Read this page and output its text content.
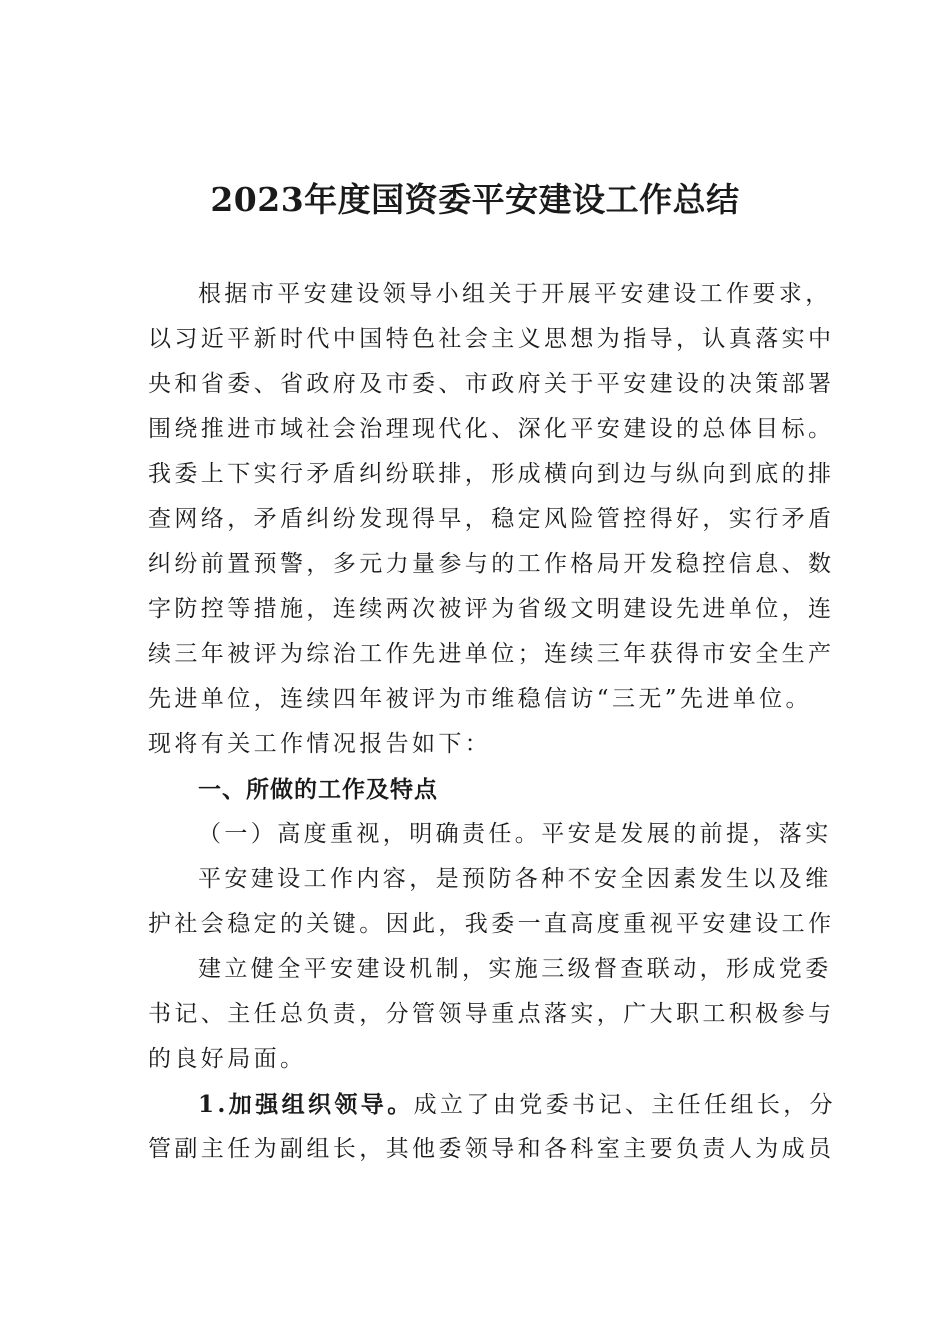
2023年度国资委平安建设工作总结
根据市平安建设领导小组关于开展平安建设工作要求，
以习近平新时代中国特色社会主义思想为指导，认真落实中
央和省委、省政府及市委、市政府关于平安建设的决策部署
围绕推进市域社会治理现代化、深化平安建设的总体目标。
我委上下实行矛盾纠纷联排，形成横向到边与纵向到底的排
查网络，矛盾纠纷发现得早，稳定风险管控得好，实行矛盾
纠纷前置预警，多元力量参与的工作格局开发稳控信息、数
字防控等措施，连续两次被评为省级文明建设先进单位，连
续三年被评为综治工作先进单位；连续三年获得市安全生产
先进单位，连续四年被评为市维稳信访“三无”先进单位。
现将有关工作情况报告如下：
一、所做的工作及特点
（一）高度重视，明确责任。平安是发展的前提，落实
平安建设工作内容，是预防各种不安全因素发生以及维
护社会稳定的关键。因此，我委一直高度重视平安建设工作
建立健全平安建设机制，实施三级督查联动，形成党委
书记、主任总负责，分管领导重点落实，广大职工积极参与
的良好局面。
1.加强组织领导。成立了由党委书记、主任任组长，分
管副主任为副组长，其他委领导和各科室主要负责人为成员
